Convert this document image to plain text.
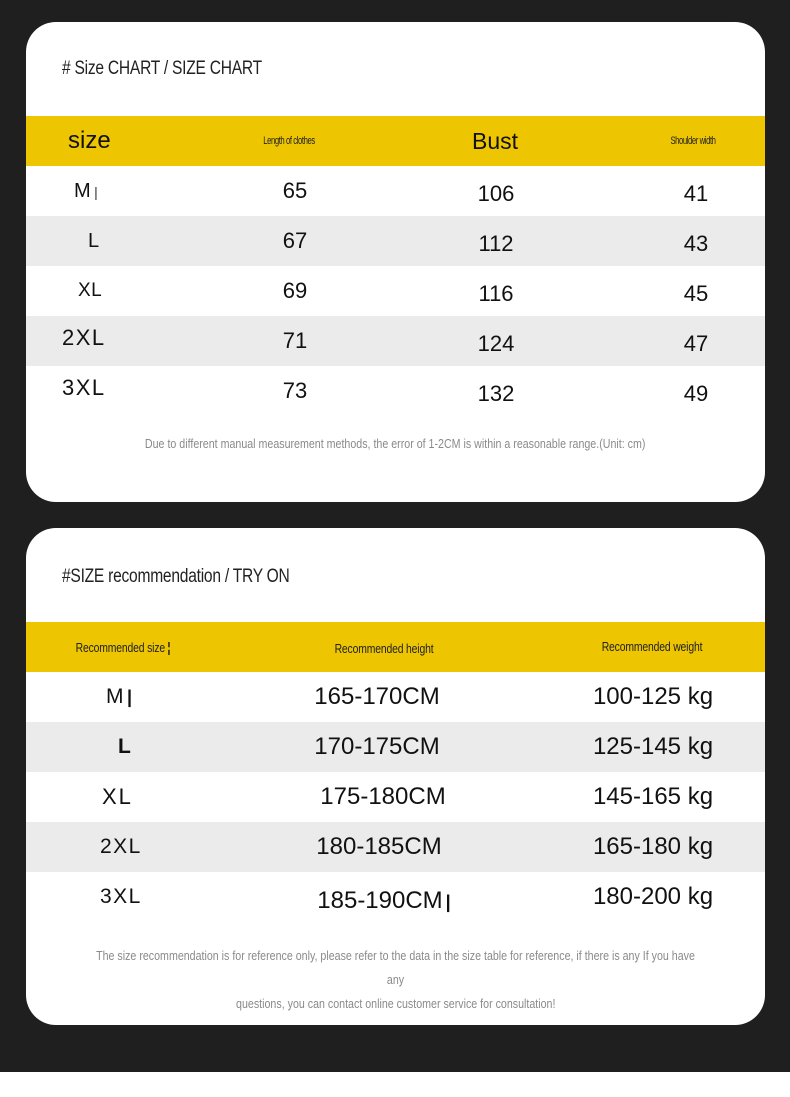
# Size CHART / SIZE CHART
size	Length of clothes	Bust	Shoulder width
M |	65	106	41
L	67	112	43
XL	69	116	45
2XL	71	124	47
3XL	73	132	49
Due to different manual measurement methods, the error of 1-2CM is within a reasonable range.(Unit: cm)
#SIZE recommendation / TRY ON
Recommended size ¦	Recommended height	Recommended weight
M |	165-170CM	100-125 kg
L	170-175CM	125-145 kg
XL	175-180CM	145-165 kg
2XL	180-185CM	165-180 kg
3XL	185-190CM |	180-200 kg
The size recommendation is for reference only, please refer to the data in the size table for reference, if there is any If you have any
questions, you can contact online customer service for consultation!
